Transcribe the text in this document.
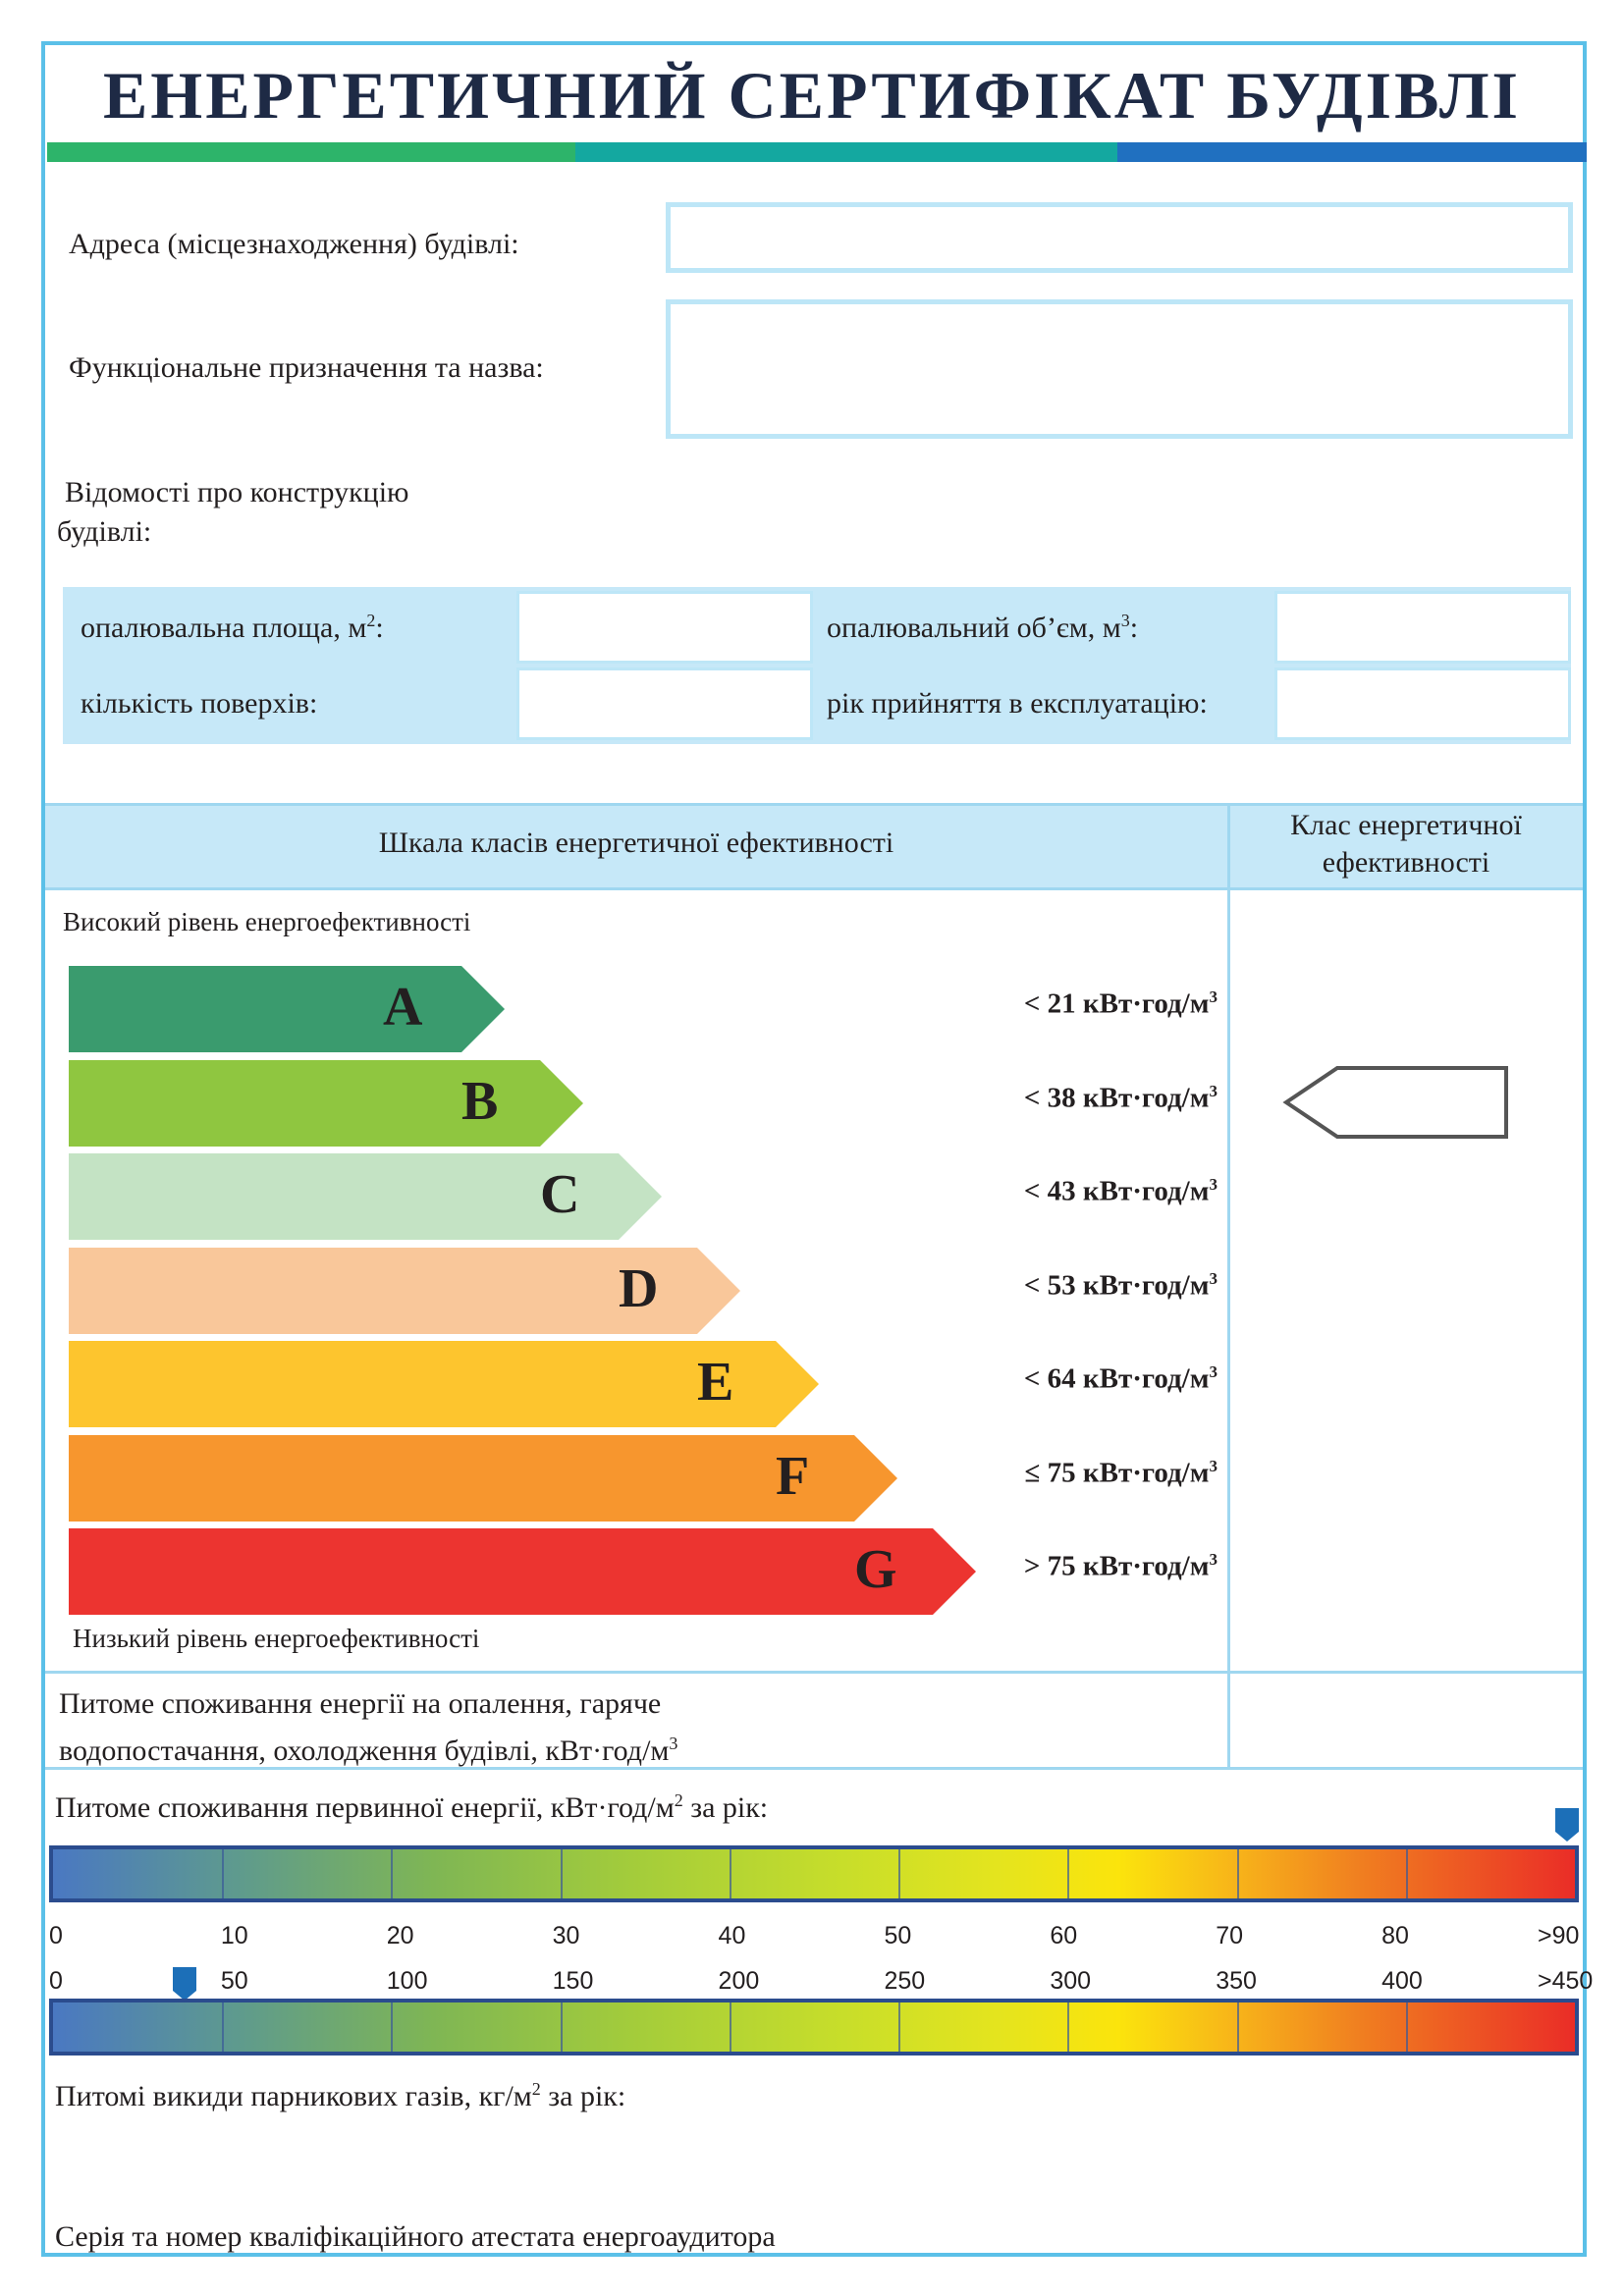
ЕНЕРГЕТИЧНИЙ СЕРТИФІКАТ БУДІВЛІ
Адреса (місцезнаходження) будівлі:
Функціональне призначення та назва:
Відомості про конструкцію
будівлі:
опалювальна площа, $м^2$:	опалювальний об’єм, $м^3$:
кількість поверхів:	рік прийняття в експлуатацію:
Шкала класів енергетичної ефективності
Клас енергетичної
ефективності
Високий рівень енергоефективності
A	< 21 $кВт\cdot год/м^3$
B	< 38 $кВт\cdot год/м^3$
C	< 43 $кВт\cdot год/м^3$
D	< 53 $кВт\cdot год/м^3$
E	< 64 $кВт\cdot год/м^3$
F	≤ 75 $кВт\cdot год/м^3$
G	> 75 $кВт\cdot год/м^3$
Низький рівень енергоефективності
Питоме споживання енергії на опалення, гаряче
водопостачання, охолодження будівлі, $кВт\cdot год/м^3$
Питоме споживання первинної енергії, $кВт\cdot год/м^2$ за рік:
0	10	20	30	40	50	60	70	80	>90
0	50	100	150	200	250	300	350	400	>450
Питомі викиди парникових газів, $кг/м^2$ за рік:
Серія та номер кваліфікаційного атестата енергоаудитора
